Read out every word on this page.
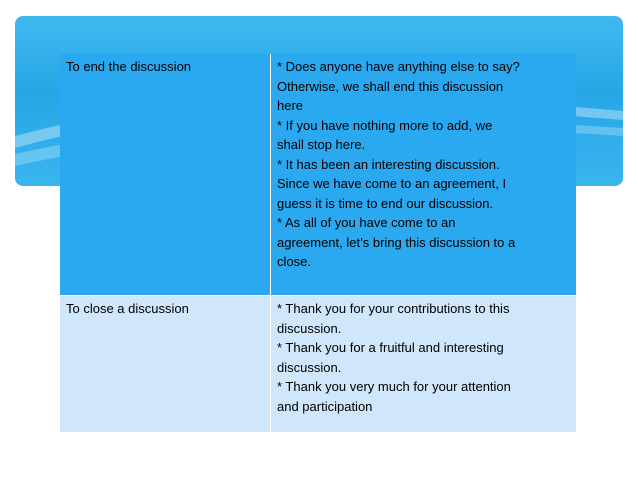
To end the discussion	* Does anyone have anything else to say?
Otherwise, we shall end this discussion
here
* If you have nothing more to add, we
shall stop here.
* It has been an interesting discussion.
Since we have come to an agreement, I
guess it is time to end our discussion.
* As all of you have come to an
agreement, let’s bring this discussion to a
close.
To close a discussion	* Thank you for your contributions to this
discussion.
* Thank you for a fruitful and interesting
discussion.
* Thank you very much for your attention
and participation
